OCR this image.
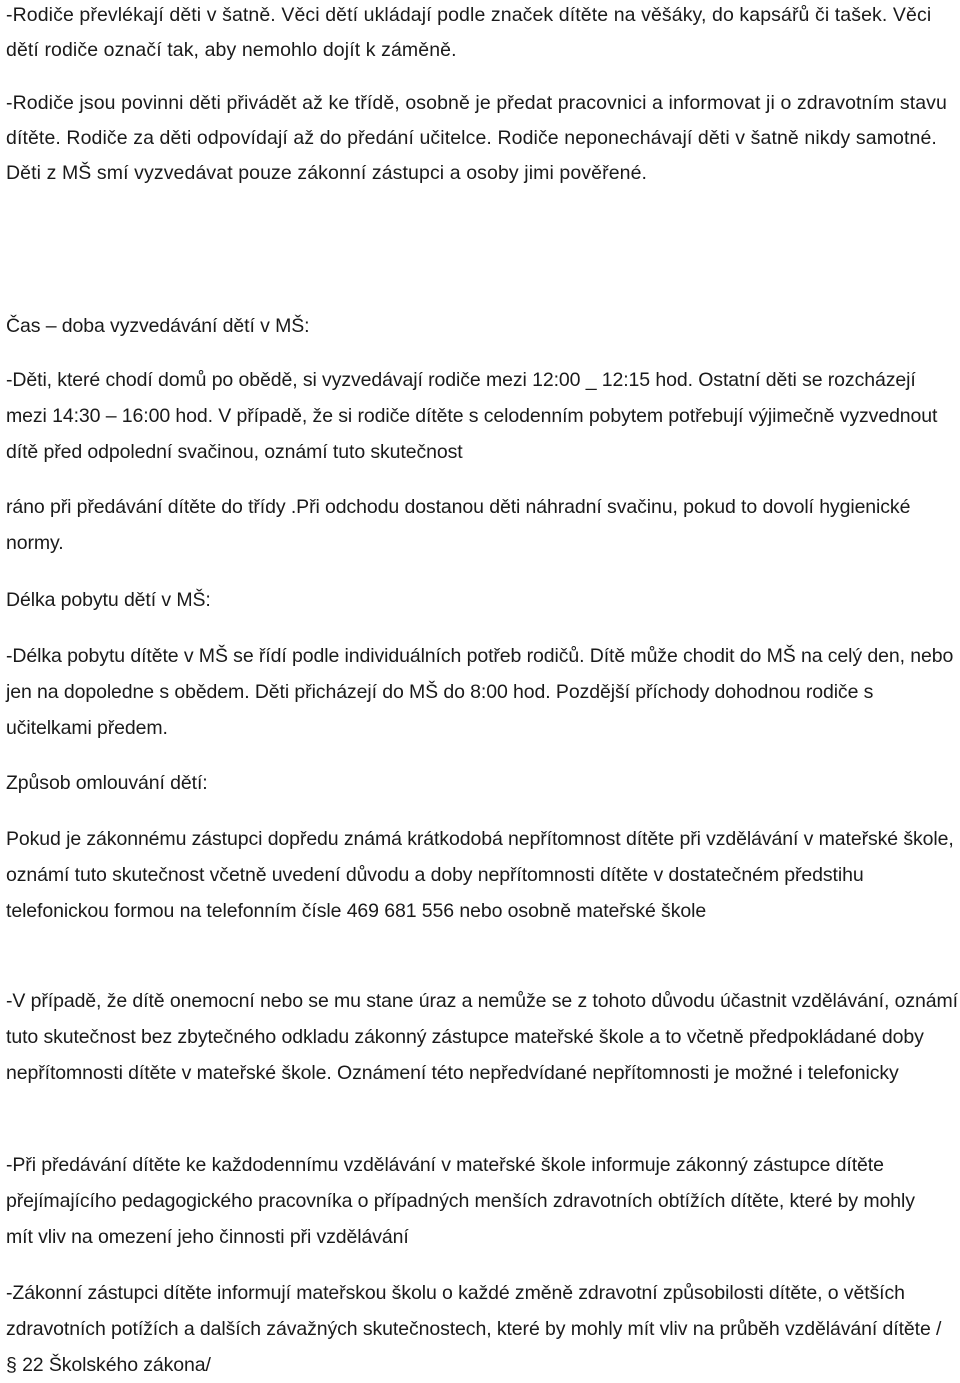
-Rodiče převlékají děti v šatně. Věci dětí ukládají podle značek dítěte na věšáky, do kapsářů či tašek. Věci dětí rodiče označí tak, aby nemohlo dojít k záměně.

-Rodiče jsou povinni děti přivádět až ke třídě, osobně je předat pracovnici a informovat ji o zdravotním stavu dítěte. Rodiče za děti odpovídají až do předání učitelce. Rodiče neponechávají děti v šatně nikdy samotné. Děti z MŠ smí vyzvedávat pouze zákonní zástupci a osoby jimi pověřené.

Čas – doba vyzvedávání dětí v MŠ:

-Děti, které chodí domů po obědě, si vyzvedávají rodiče mezi 12:00 _ 12:15 hod. Ostatní děti se rozcházejí mezi 14:30 – 16:00 hod. V případě, že si rodiče dítěte s celodenním pobytem potřebují výjimečně vyzvednout dítě před odpolední svačinou, oznámí tuto skutečnost

ráno při předávání dítěte do třídy .Při odchodu dostanou děti náhradní svačinu, pokud to dovolí hygienické normy.

Délka pobytu dětí v MŠ:

-Délka pobytu dítěte v MŠ se řídí podle individuálních potřeb rodičů. Dítě může chodit do MŠ na celý den, nebo jen na dopoledne s obědem. Děti přicházejí do MŠ do 8:00 hod. Pozdější příchody dohodnou rodiče s učitelkami předem.

Způsob omlouvání dětí:

Pokud je zákonnému zástupci dopředu známá krátkodobá nepřítomnost dítěte při vzdělávání v mateřské škole, oznámí tuto skutečnost včetně uvedení důvodu a doby nepřítomnosti dítěte v dostatečném předstihu telefonickou formou na telefonním čísle 469 681 556 nebo osobně mateřské škole

-V případě, že dítě onemocní nebo se mu stane úraz a nemůže se z tohoto důvodu účastnit vzdělávání, oznámí tuto skutečnost bez zbytečného odkladu zákonný zástupce mateřské škole a to včetně předpokládané doby nepřítomnosti dítěte v mateřské škole. Oznámení této nepředvídané nepřítomnosti je možné i telefonicky

-Při předávání dítěte ke každodennímu vzdělávání v mateřské škole informuje zákonný zástupce dítěte přejímajícího pedagogického pracovníka o případných menších zdravotních obtížích dítěte, které by mohly mít vliv na omezení jeho činnosti při vzdělávání

-Zákonní zástupci dítěte informují mateřskou školu o každé změně zdravotní způsobilosti dítěte, o větších zdravotních potížích a dalších závažných skutečnostech, které by mohly mít vliv na průběh vzdělávání dítěte / § 22 Školského zákona/
